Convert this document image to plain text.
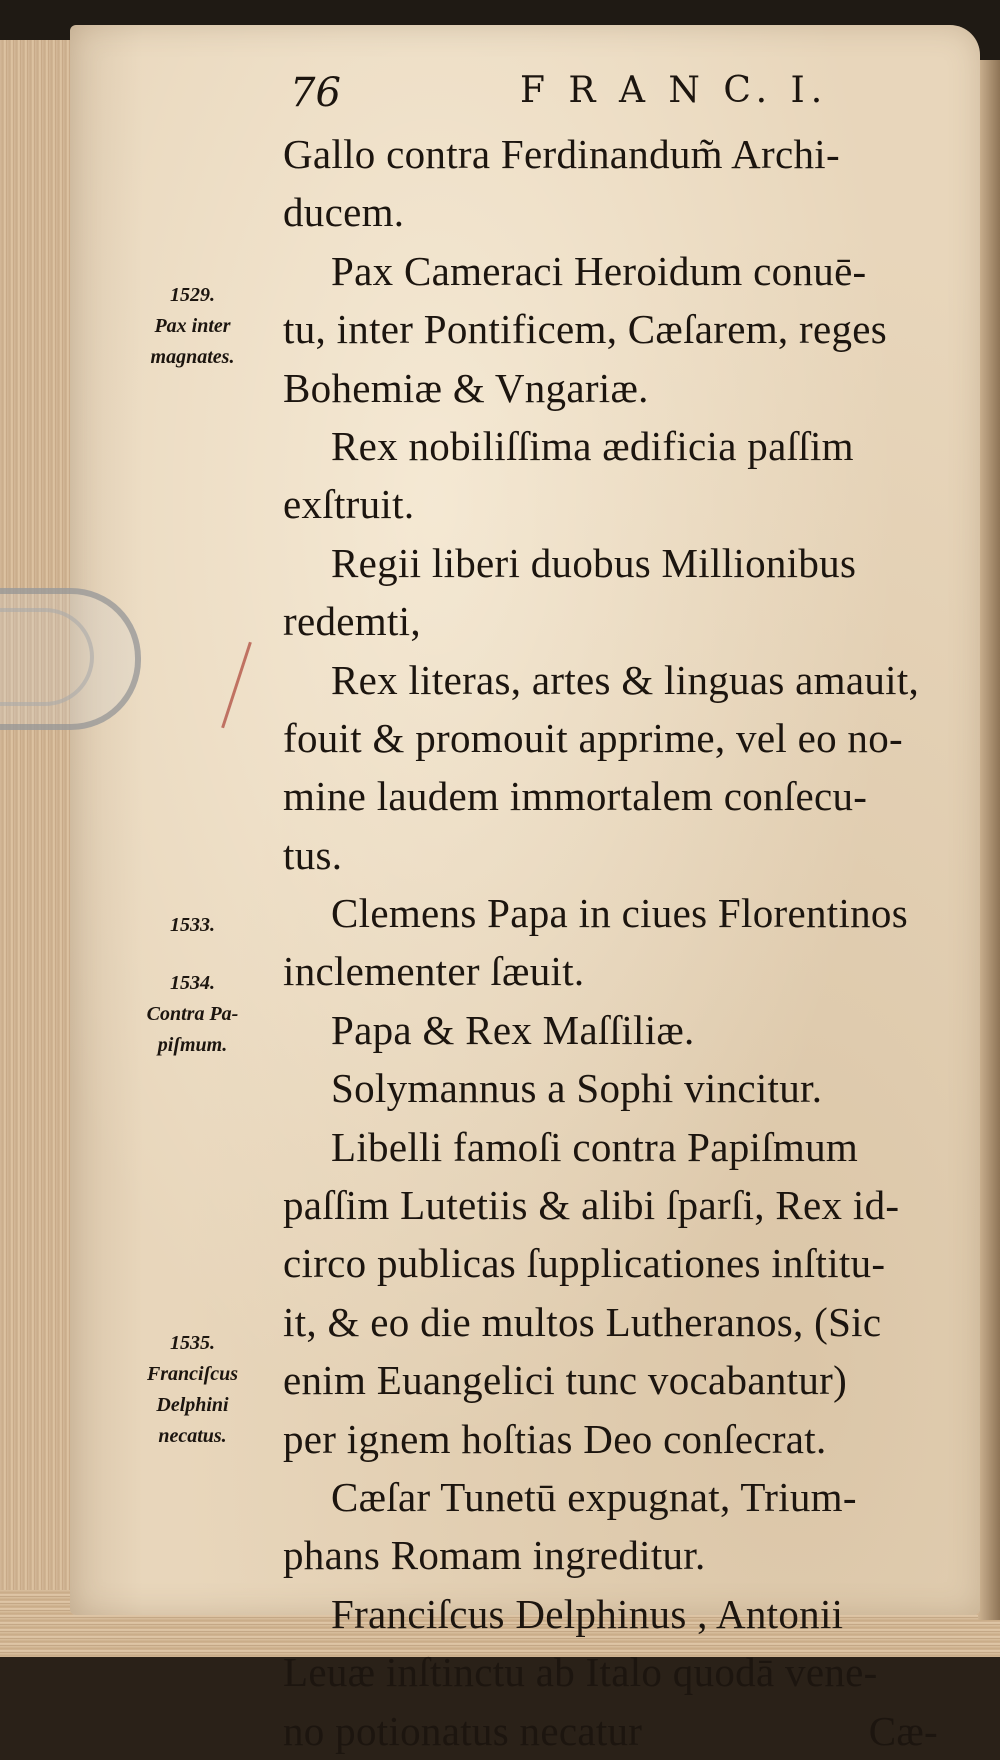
76	F R A N C. I.
Gallo contra Ferdinandum̃ Archi-
ducem.
Pax Cameraci Heroidum conuē-
tu, inter Pontificem, Cæſarem, reges
Bohemiæ & Vngariæ.
Rex nobiliſſima ædificia paſſim
exſtruit.
Regii liberi duobus Millionibus
redemti,
Rex literas, artes & linguas amauit,
fouit & promouit apprime, vel eo no-
mine laudem immortalem conſecu-
tus.
Clemens Papa in ciues Florentinos
inclementer ſæuit.
Papa & Rex Maſſiliæ.
Solymannus a Sophi vincitur.
Libelli famoſi contra Papiſmum
paſſim Lutetiis & alibi ſparſi, Rex id-
circo publicas ſupplicationes inſtitu-
it, & eo die multos Lutheranos, (Sic
enim Euangelici tunc vocabantur)
per ignem hoſtias Deo conſecrat.
Cæſar Tunetū expugnat, Trium-
phans Romam ingreditur.
Franciſcus Delphinus , Antonii
Leuæ inſtinctu ab Italo quodā vene-
no potionatus necatur	Cæ-
1529.
Pax inter
magnates.
1533.
1534.
Contra Pa-
piſmum.
1535.
Franciſcus
Delphini
necatus.
